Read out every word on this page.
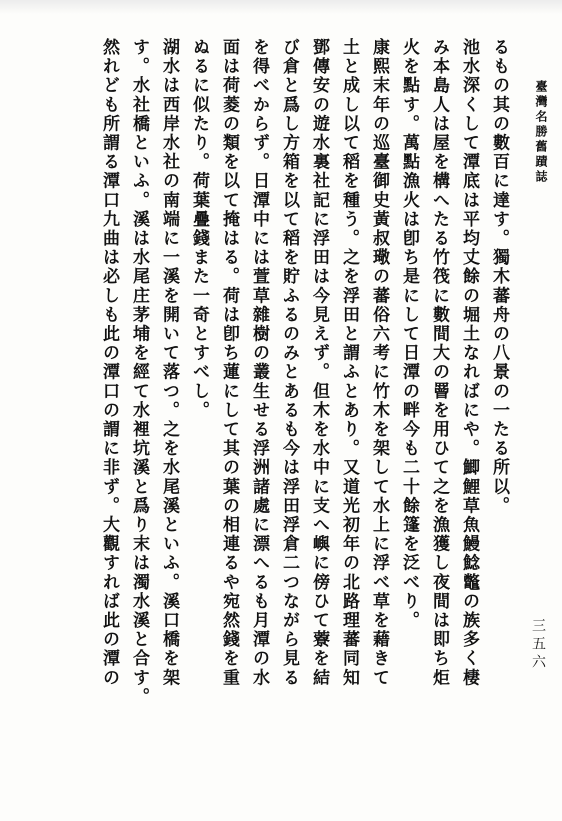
臺灣名勝舊蹟誌
三五六
るもの其の數百に達す。獨木蕃舟の八景の一たる所以。
池水深くして潭底は平均丈餘の堀土なればにや。鯽鯉草魚鰻鯰鼈の族多く棲
み本島人は屋を構へたる竹筏に數間大の罾を用ひて之を漁獲し夜間は即ち炬
火を點す。萬點漁火は卽ち是にして日潭の畔今も二十餘篷を泛べり。
康熙末年の巡臺御史黃叔璥の蕃俗六考に竹木を架して水上に浮べ草を藉きて
土と成し以て稻を種う。之を浮田と謂ふとあり。又道光初年の北路理蕃同知
鄧傳安の遊水裏社記に浮田は今見えず。但木を水中に支へ嶼に傍ひて藔を結
び倉と爲し方箱を以て稻を貯ふるのみとあるも今は浮田浮倉二つながら見る
を得べからず。日潭中には萱草雜樹の叢生せる浮洲諸處に漂へるも月潭の水
面は荷菱の類を以て掩はる。荷は卽ち蓮にして其の葉の相連るや宛然錢を重
ぬるに似たり。荷葉疊錢また一奇とすべし。
湖水は西岸水社の南端に一溪を開いて落つ。之を水尾溪といふ。溪口橋を架
す。水社橋といふ。溪は水尾庄茅埔を經て水裡坑溪と爲り末は濁水溪と合す。
然れども所謂る潭口九曲は必しも此の潭口の謂に非ず。大觀すれば此の潭の
